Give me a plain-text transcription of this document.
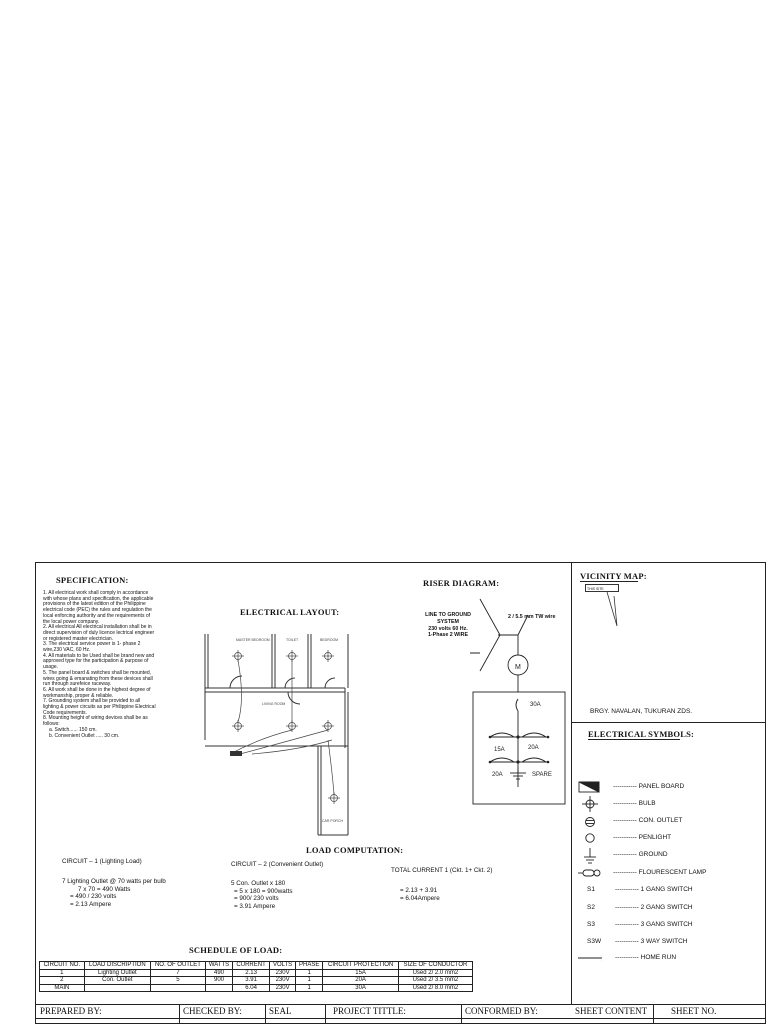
SPECIFICATION:
1. All electrical work shall comply in accordance with whose plans and specification, the applicable provisions of the latest edition of the Philippine electrical code (PEC) the rules and regulation the local enforcing authority and the requirements of the local power company.
2. All electrical All electrical installation shall be in direct supervision of duly licence lectrical engineer or registered master electrician.
3. The electrical service power is 1- phase 2 wire,230 VAC, 60 Hz.
4. All materials to be Used shall be brand new and approved type for the participation & purpose of usage.
5. The panel board & switches shall be mounted, wires going & emanating from these devices shall run through surefeice raceway.
6. All work shall be done in the highest degree of workmanship, proper & reliable.
7. Grounding system shall be provided to all lighting & power circuits as per Philippine Electrical Code requirements.
8. Mounting height of wiring devices shall be as follows:
a. Switch...... 150 cm.
b. Convenient Outlet ..... 30 cm.
ELECTRICAL LAYOUT:
MASTER BEDROOM	TOILET	BEDROOM
LIVING ROOM
CAR PORCH
RISER DIAGRAM:
LINE TO GROUND SYSTEM
230 volts 60 Hz.
1-Phase 2 WIRE
2 / 5.5 mm TW wire
M
30A
15A	20A
20A	SPARE
VICINITY MAP:
THIS SITE
BRGY. NAVALAN, TUKURAN ZDS.
ELECTRICAL SYMBOLS:
----------- PANEL BOARD
----------- BULB
----------- CON. OUTLET
----------- PENLIGHT
----------- GROUND
----------- FLOURESCENT LAMP
S1	----------- 1 GANG SWITCH
S2	----------- 2 GANG SWITCH
S3	----------- 3 GANG SWITCH
S3W ----------- 3 WAY SWITCH
----------- HOME RUN
LOAD COMPUTATION:
CIRCUIT – 1 (Lighting Load)
7 Lighting Outlet @ 70 watts per bulb
7 x 70 = 490 Watts
= 490 / 230 volts
= 2.13 Ampere
CIRCUIT – 2 (Convenient Outlet)
5 Con. Outlet x 180
= 5 x 180 = 900watts
= 900/ 230 volts
= 3.91 Ampere
TOTAL CURRENT 1 (Ckt. 1+ Ckt. 2)
= 2.13 + 3.91
= 6.04Ampere
SCHEDULE OF LOAD:
CIRCUIT NO.	LOAD DISCRIPTION	NO. OF OUTLET	WATTS	CURRENT	VOLTS	PHASE	CIRCUIT PROTECTION	SIZE OF CONDUCTOR
1	Lighting Outlet	7	490	2.13	230V	1	15A	Used 2/ 2.0 mm2
2	Con. Outlet	5	900	3.91	230V	1	20A	Used 2/ 3.5 mm2
MAIN				6.04	230V	1	30A	Used 2/ 8.0 mm2
PREPARED BY:	CHECKED BY:	SEAL	PROJECT TITTLE:	CONFORMED BY:	SHEET CONTENT	SHEET NO.
